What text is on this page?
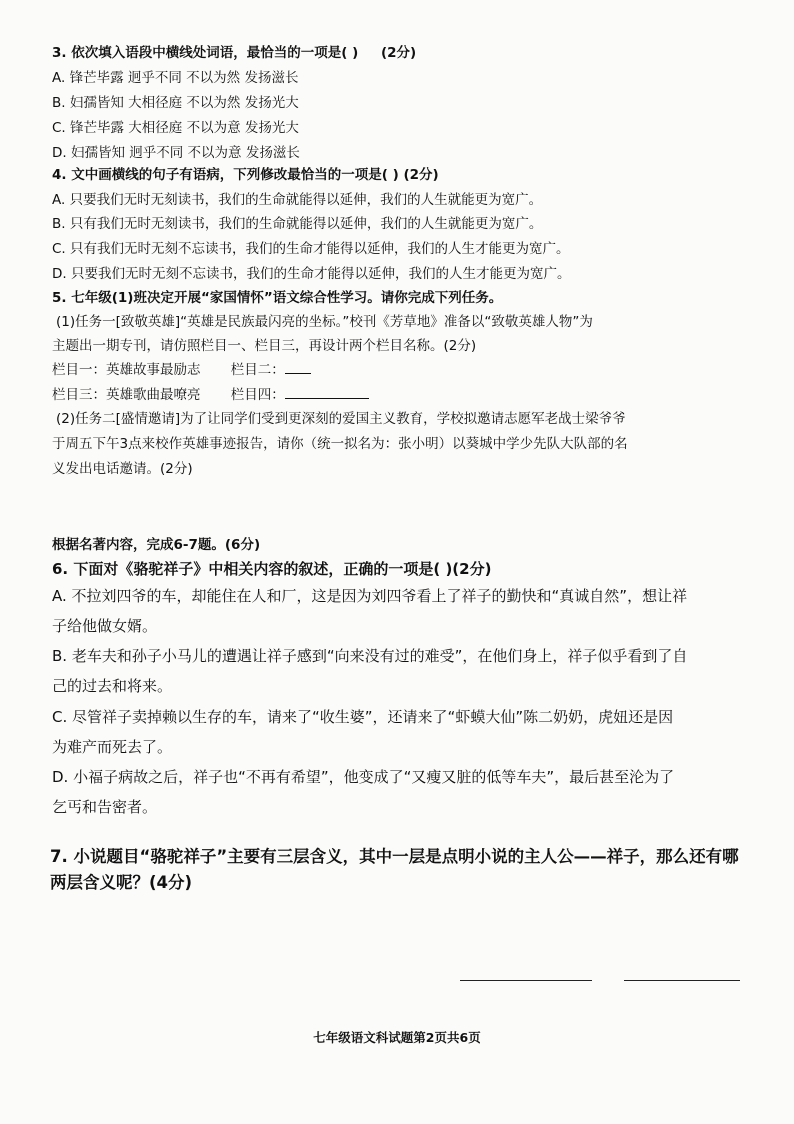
3. 依次填入语段中横线处词语，最恰当的一项是( ) (2分)
A. 锋芒毕露 迥乎不同 不以为然 发扬滋长
B. 妇孺皆知 大相径庭 不以为然 发扬光大
C. 锋芒毕露 大相径庭 不以为意 发扬光大
D. 妇孺皆知 迥乎不同 不以为意 发扬滋长
4. 文中画横线的句子有语病，下列修改最恰当的一项是( ) (2分)
A. 只要我们无时无刻读书，我们的生命就能得以延伸，我们的人生就能更为宽广。
B. 只有我们无时无刻读书，我们的生命就能得以延伸，我们的人生就能更为宽广。
C. 只有我们无时无刻不忘读书，我们的生命才能得以延伸，我们的人生才能更为宽广。
D. 只要我们无时无刻不忘读书，我们的生命才能得以延伸，我们的人生才能更为宽广。
5. 七年级(1)班决定开展“家国情怀”语文综合性学习。请你完成下列任务。
(1)任务一[致敬英雄]“英雄是民族最闪亮的坐标。”校刊《芳草地》准备以“致敬英雄人物”为
主题出一期专刊，请仿照栏目一、栏目三，再设计两个栏目名称。(2分)
栏目一：英雄故事最励志 栏目二：
栏目三：英雄歌曲最嘹亮 栏目四：
(2)任务二[盛情邀请]为了让同学们受到更深刻的爱国主义教育，学校拟邀请志愿军老战士梁爷爷
于周五下午3点来校作英雄事迹报告，请你（统一拟名为：张小明）以葵城中学少先队大队部的名
义发出电话邀请。(2分)
根据名著内容，完成6-7题。(6分)
6. 下面对《骆驼祥子》中相关内容的叙述，正确的一项是( )(2分)
A. 不拉刘四爷的车，却能住在人和厂，这是因为刘四爷看上了祥子的勤快和“真诚自然”，想让祥
子给他做女婿。
B. 老车夫和孙子小马儿的遭遇让祥子感到“向来没有过的难受”，在他们身上，祥子似乎看到了自
己的过去和将来。
C. 尽管祥子卖掉赖以生存的车，请来了“收生婆”，还请来了“虾蟆大仙”陈二奶奶，虎妞还是因
为难产而死去了。
D. 小福子病故之后，祥子也“不再有希望”，他变成了“又瘦又脏的低等车夫”，最后甚至沦为了
乞丐和告密者。
7. 小说题目“骆驼祥子”主要有三层含义，其中一层是点明小说的主人公——祥子，那么还有哪
两层含义呢？(4分)
七年级语文科试题第2页共6页
